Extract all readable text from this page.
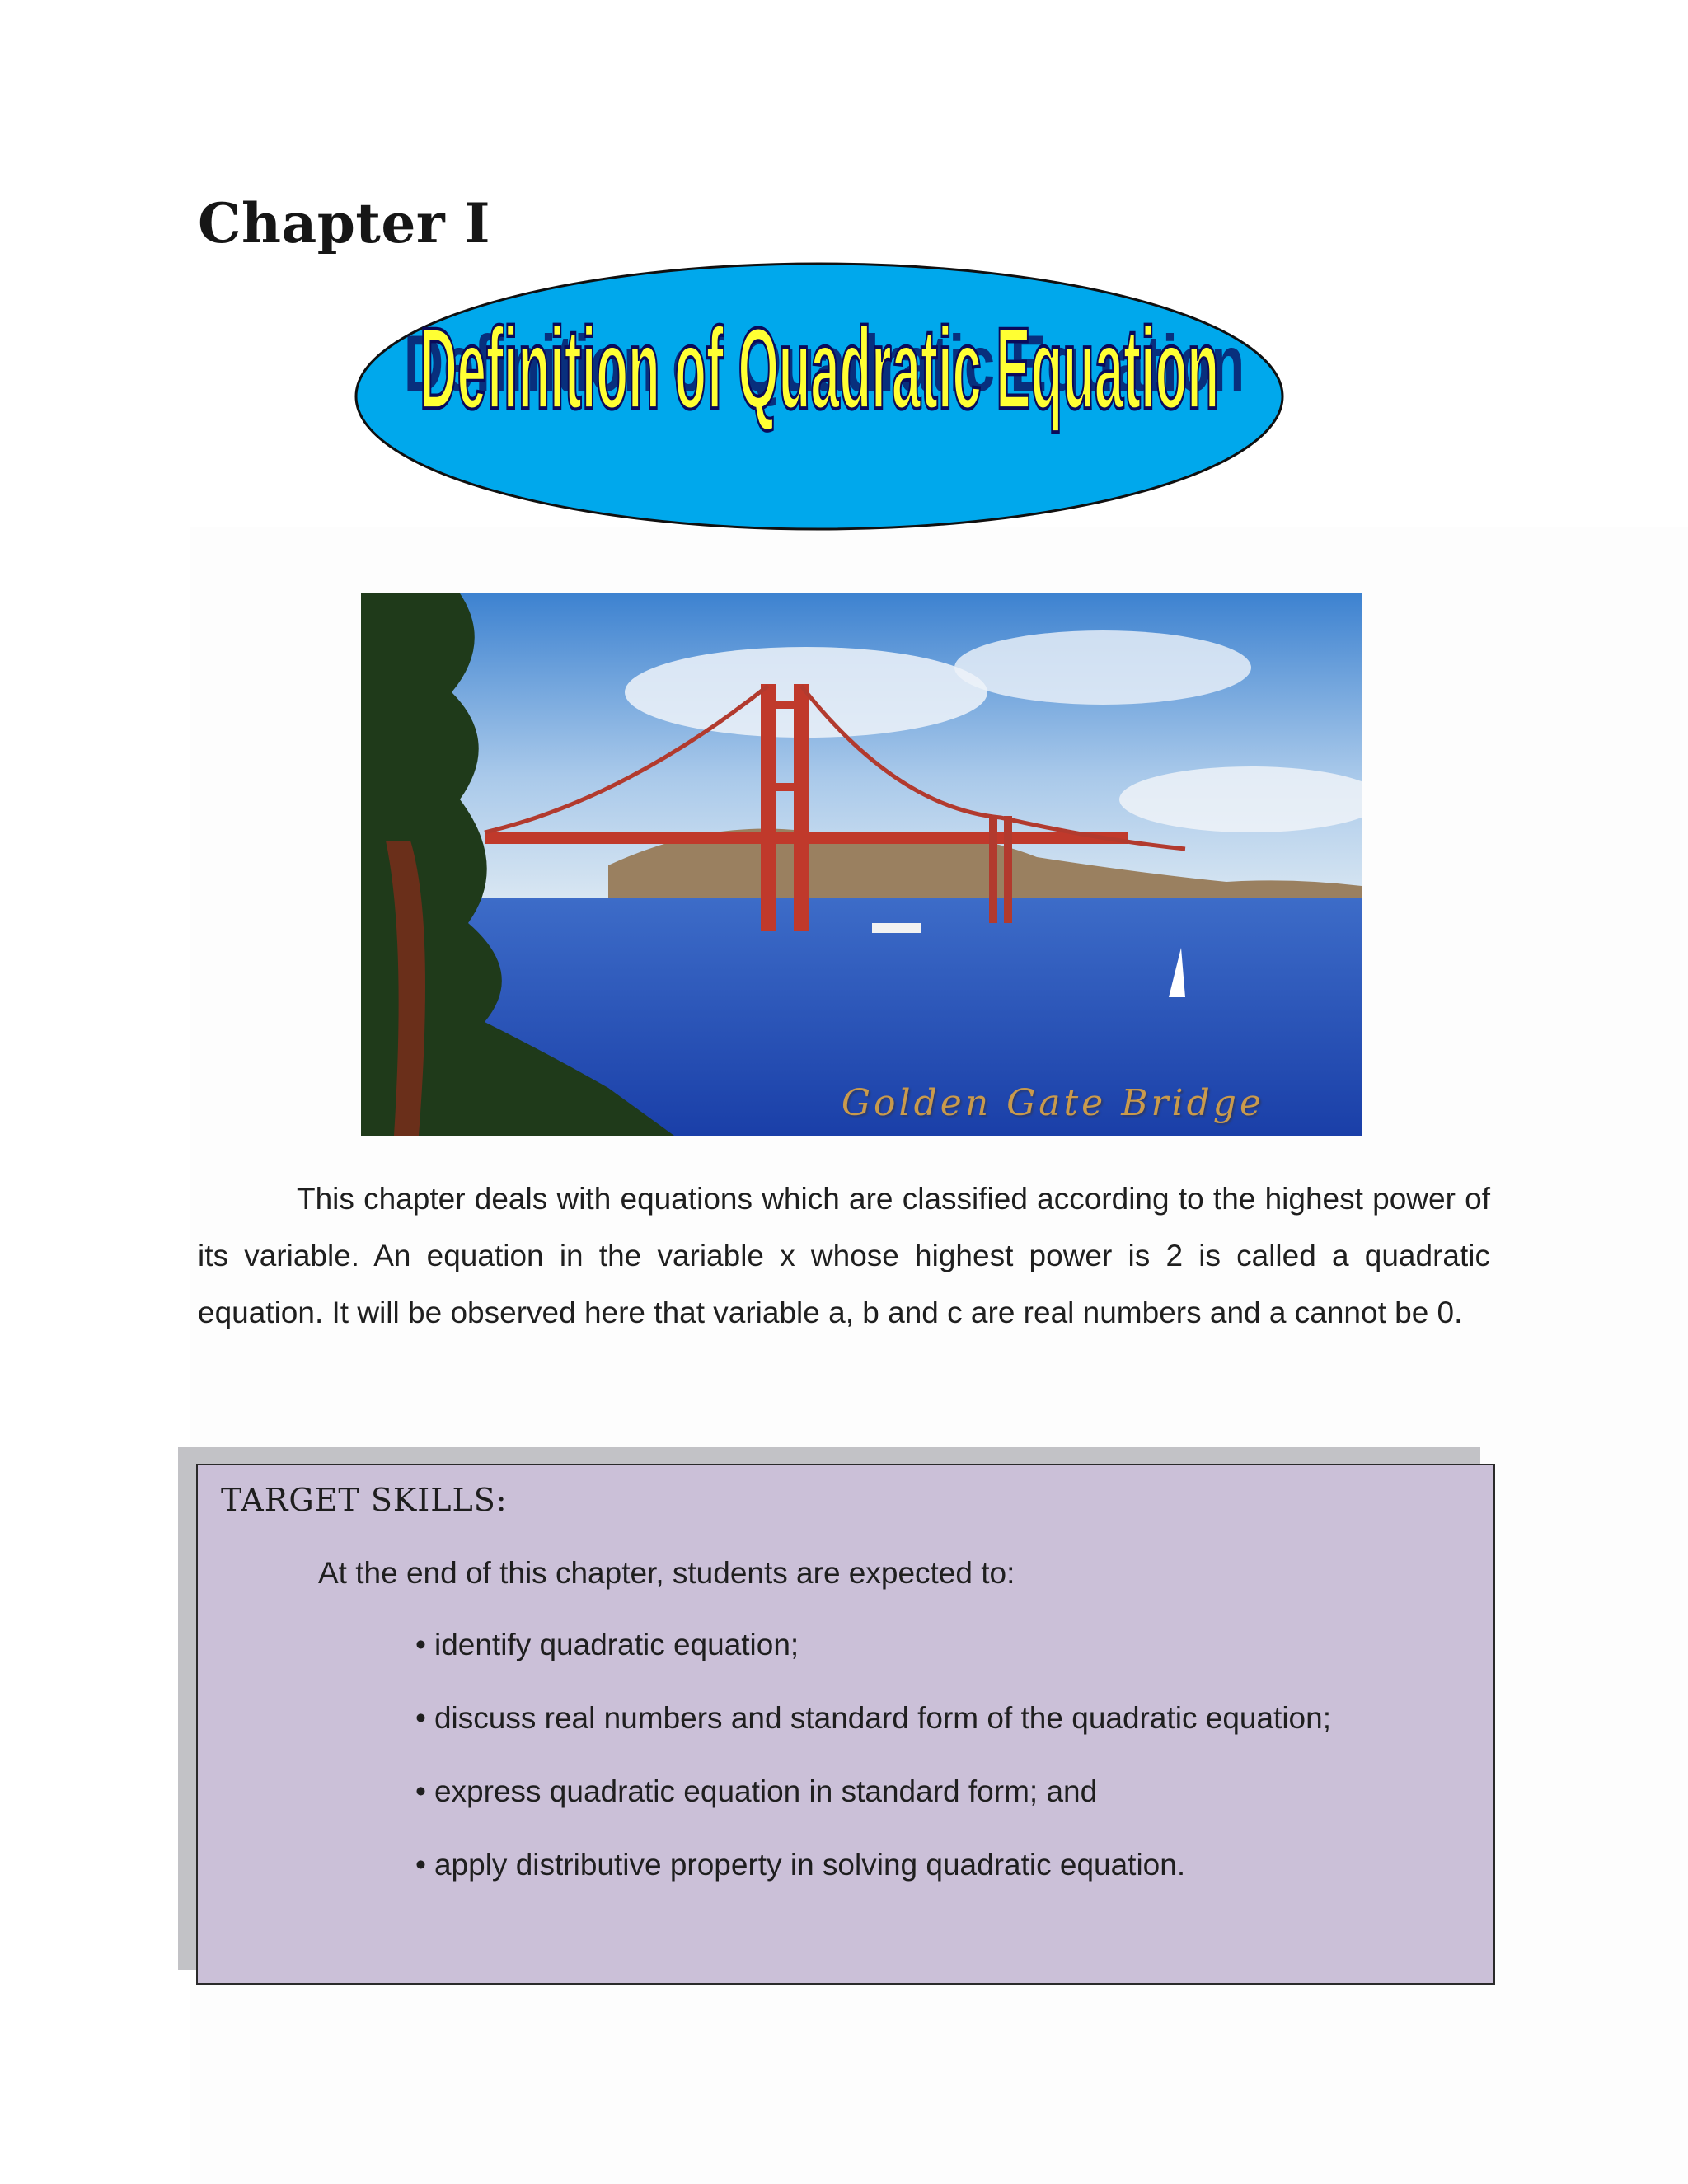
Chapter I
Definition of Quadratic Equation
Definition of Quadratic Equation
Golden Gate Bridge

This chapter deals with equations which are classified according to the highest power of its variable. An equation in the variable x whose highest power is 2 is called a quadratic equation. It will be observed here that variable a, b and c are real numbers and a cannot be 0.

TARGET SKILLS:
At the end of this chapter, students are expected to:
• identify quadratic equation;
• discuss real numbers and standard form of the quadratic equation;
• express quadratic equation in standard form; and
• apply distributive property in solving quadratic equation.
